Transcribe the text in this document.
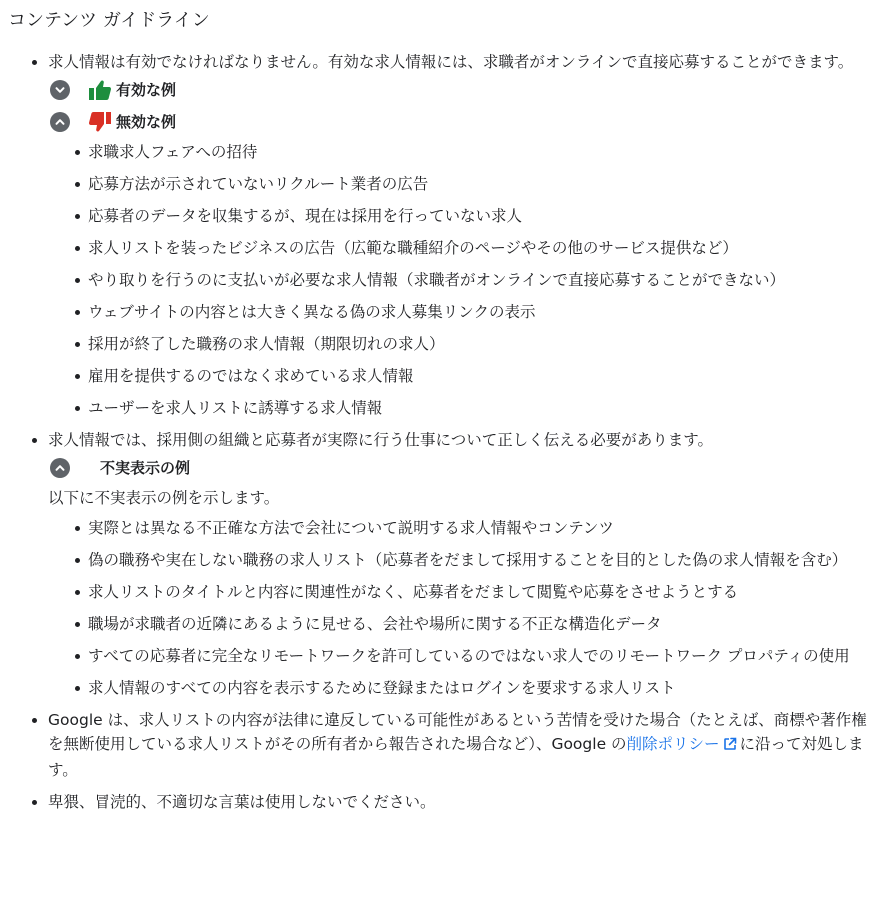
コンテンツ ガイドライン
求人情報は有効でなければなりません。有効な求人情報には、求職者がオンラインで直接応募することができます。
有効な例
無効な例
求職求人フェアへの招待
応募方法が示されていないリクルート業者の広告
応募者のデータを収集するが、現在は採用を行っていない求人
求人リストを装ったビジネスの広告（広範な職種紹介のページやその他のサービス提供など）
やり取りを行うのに支払いが必要な求人情報（求職者がオンラインで直接応募することができない）
ウェブサイトの内容とは大きく異なる偽の求人募集リンクの表示
採用が終了した職務の求人情報（期限切れの求人）
雇用を提供するのではなく求めている求人情報
ユーザーを求人リストに誘導する求人情報
求人情報では、採用側の組織と応募者が実際に行う仕事について正しく伝える必要があります。
不実表示の例
以下に不実表示の例を示します。
実際とは異なる不正確な方法で会社について説明する求人情報やコンテンツ
偽の職務や実在しない職務の求人リスト（応募者をだまして採用することを目的とした偽の求人情報を含む）
求人リストのタイトルと内容に関連性がなく、応募者をだまして閲覧や応募をさせようとする
職場が求職者の近隣にあるように見せる、会社や場所に関する不正な構造化データ
すべての応募者に完全なリモートワークを許可しているのではない求人でのリモートワーク プロパティの使用
求人情報のすべての内容を表示するために登録またはログインを要求する求人リスト
Google は、求人リストの内容が法律に違反している可能性があるという苦情を受けた場合（たとえば、商標や著作権を無断使用している求人リストがその所有者から報告された場合など）、Google の削除ポリシー に沿って対処します。
卑猥、冒涜的、不適切な言葉は使用しないでください。
